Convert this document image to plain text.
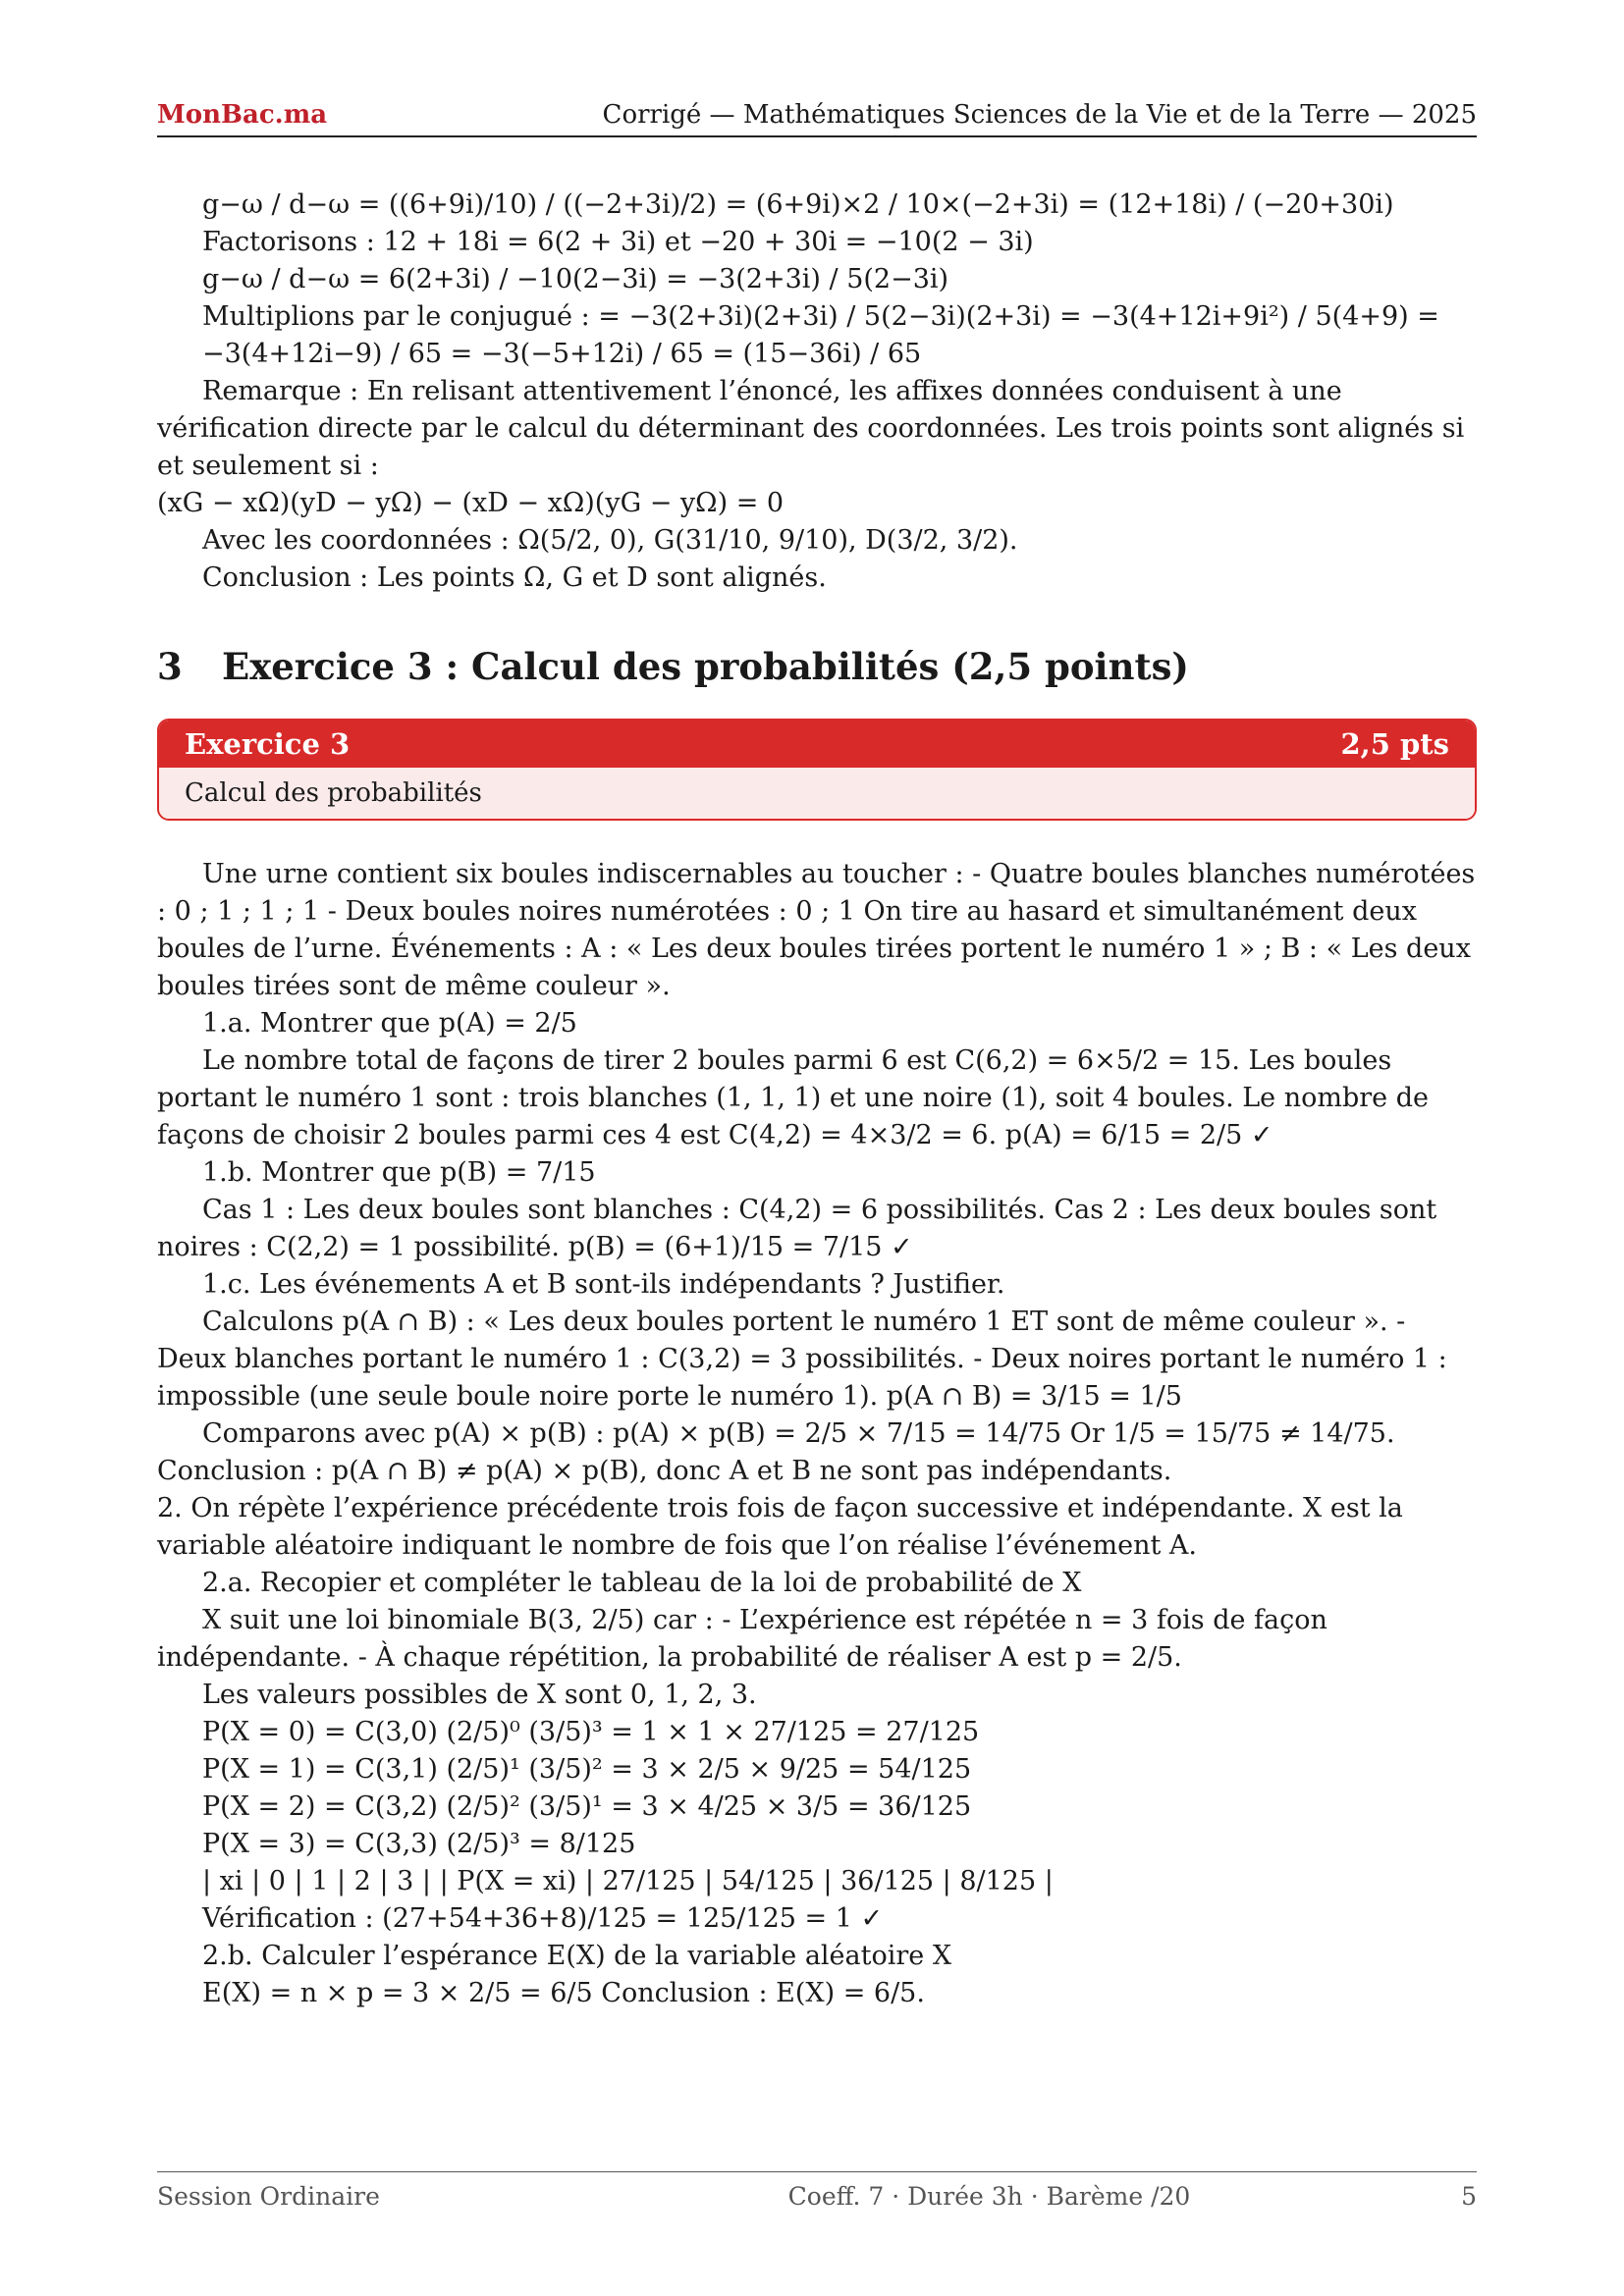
MonBac.ma	Corrigé — Mathématiques Sciences de la Vie et de la Terre — 2025

g−ω / d−ω = ((6+9i)/10) / ((−2+3i)/2) = (6+9i)×2 / 10×(−2+3i) = (12+18i) / (−20+30i)

Factorisons : 12 + 18i = 6(2 + 3i) et −20 + 30i = −10(2 − 3i)

g−ω / d−ω = 6(2+3i) / −10(2−3i) = −3(2+3i) / 5(2−3i)

Multiplions par le conjugué : = −3(2+3i)(2+3i) / 5(2−3i)(2+3i) = −3(4+12i+9i²) / 5(4+9) = −3(4+12i−9) / 65 = −3(−5+12i) / 65 = (15−36i) / 65

Remarque : En relisant attentivement l’énoncé, les affixes données conduisent à une vérification directe par le calcul du déterminant des coordonnées. Les trois points sont alignés si et seulement si :

(xG − xΩ)(yD − yΩ) − (xD − xΩ)(yG − yΩ) = 0

Avec les coordonnées : Ω(5/2, 0), G(31/10, 9/10), D(3/2, 3/2).

Conclusion : Les points Ω, G et D sont alignés.

3 Exercice 3 : Calcul des probabilités (2,5 points)
Exercice 3	2,5 pts
Calcul des probabilités

Une urne contient six boules indiscernables au toucher : - Quatre boules blanches numérotées : 0 ; 1 ; 1 ; 1 - Deux boules noires numérotées : 0 ; 1 On tire au hasard et simultanément deux boules de l’urne. Événements : A : « Les deux boules tirées portent le numéro 1 » ; B : « Les deux boules tirées sont de même couleur ».

1.a. Montrer que p(A) = 2/5

Le nombre total de façons de tirer 2 boules parmi 6 est C(6,2) = 6×5/2 = 15. Les boules portant le numéro 1 sont : trois blanches (1, 1, 1) et une noire (1), soit 4 boules. Le nombre de façons de choisir 2 boules parmi ces 4 est C(4,2) = 4×3/2 = 6. p(A) = 6/15 = 2/5 ✓

1.b. Montrer que p(B) = 7/15

Cas 1 : Les deux boules sont blanches : C(4,2) = 6 possibilités. Cas 2 : Les deux boules sont noires : C(2,2) = 1 possibilité. p(B) = (6+1)/15 = 7/15 ✓

1.c. Les événements A et B sont-ils indépendants ? Justifier.

Calculons p(A ∩ B) : « Les deux boules portent le numéro 1 ET sont de même couleur ». - Deux blanches portant le numéro 1 : C(3,2) = 3 possibilités. - Deux noires portant le numéro 1 : impossible (une seule boule noire porte le numéro 1). p(A ∩ B) = 3/15 = 1/5

Comparons avec p(A) × p(B) : p(A) × p(B) = 2/5 × 7/15 = 14/75 Or 1/5 = 15/75 ≠ 14/75. Conclusion : p(A ∩ B) ≠ p(A) × p(B), donc A et B ne sont pas indépendants.

2. On répète l’expérience précédente trois fois de façon successive et indépendante. X est la variable aléatoire indiquant le nombre de fois que l’on réalise l’événement A.

2.a. Recopier et compléter le tableau de la loi de probabilité de X

X suit une loi binomiale B(3, 2/5) car : - L’expérience est répétée n = 3 fois de façon indépendante. - À chaque répétition, la probabilité de réaliser A est p = 2/5.

Les valeurs possibles de X sont 0, 1, 2, 3.

P(X = 0) = C(3,0) (2/5)⁰ (3/5)³ = 1 × 1 × 27/125 = 27/125

P(X = 1) = C(3,1) (2/5)¹ (3/5)² = 3 × 2/5 × 9/25 = 54/125

P(X = 2) = C(3,2) (2/5)² (3/5)¹ = 3 × 4/25 × 3/5 = 36/125

P(X = 3) = C(3,3) (2/5)³ = 8/125

| xi | 0 | 1 | 2 | 3 | | P(X = xi) | 27/125 | 54/125 | 36/125 | 8/125 |

Vérification : (27+54+36+8)/125 = 125/125 = 1 ✓

2.b. Calculer l’espérance E(X) de la variable aléatoire X

E(X) = n × p = 3 × 2/5 = 6/5 Conclusion : E(X) = 6/5.

Session Ordinaire	Coeff. 7 · Durée 3h · Barème /20	5
